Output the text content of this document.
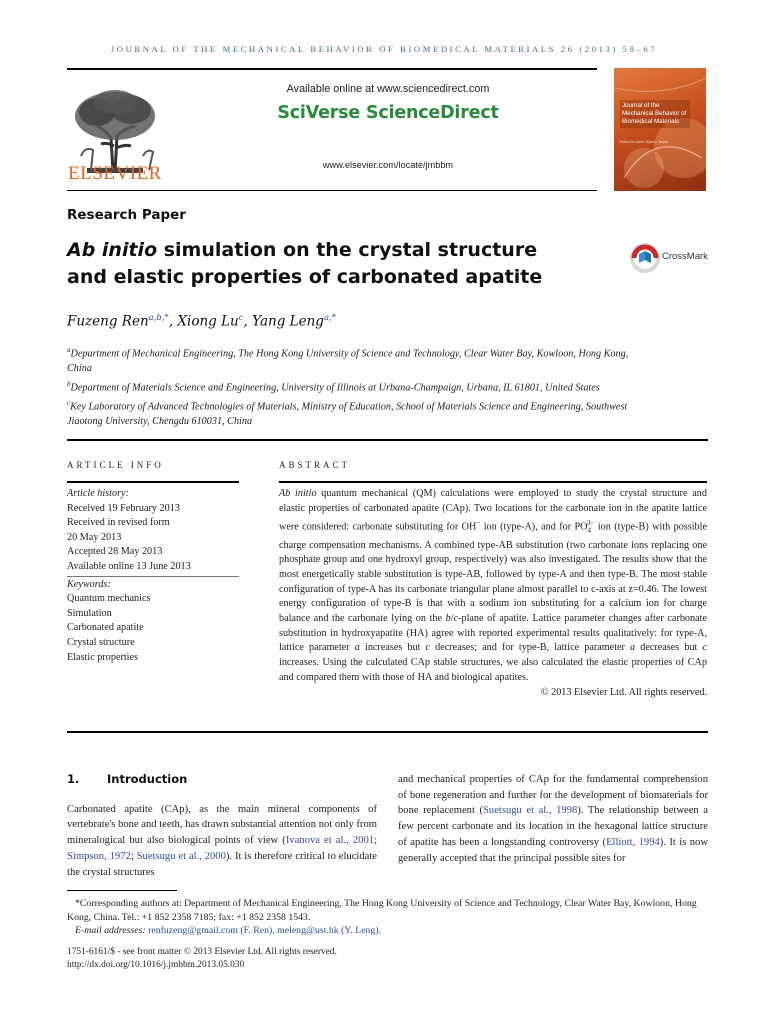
JOURNAL OF THE MECHANICAL BEHAVIOR OF BIOMEDICAL MATERIALS 26 (2013) 59–67
ELSEVIER
Available online at www.sciencedirect.com
SciVerse ScienceDirect
www.elsevier.com/locate/jmbbm
Journal of the Mechanical Behavior of Biomedical Materials
Editor-in-chief: Dyanis Taylor
Research Paper
Ab initio simulation on the crystal structure
and elastic properties of carbonated apatite
CrossMark
Fuzeng Ren$^{a,b,*}$, Xiong Lu$^c$, Yang Leng$^{a,*}$

$^a$Department of Mechanical Engineering, The Hong Kong University of Science and Technology, Clear Water Bay, Kowloon, Hong Kong, China

$^b$Department of Materials Science and Engineering, University of Illinois at Urbana-Champaign, Urbana, IL 61801, United States

$^c$Key Laboratory of Advanced Technologies of Materials, Ministry of Education, School of Materials Science and Engineering, Southwest Jiaotong University, Chengdu 610031, China

ARTICLE INFO	ABSTRACT
Article history:
Received 19 February 2013
Received in revised form
20 May 2013
Accepted 28 May 2013
Available online 13 June 2013
Keywords:
Quantum mechanics
Simulation
Carbonated apatite
Crystal structure
Elastic properties
Ab initio quantum mechanical (QM) calculations were employed to study the crystal structure and elastic properties of carbonated apatite (CAp). Two locations for the carbonate ion in the apatite lattice were considered: carbonate substituting for OH− ion (type-A), and for $PO_4^{3-}$ ion (type-B) with possible charge compensation mechanisms. A combined type-AB substitution (two carbonate ions replacing one phosphate group and one hydroxyl group, respectively) was also investigated. The results show that the most energetically stable substitution is type-AB, followed by type-A and then type-B. The most stable configuration of type-A has its carbonate triangular plane almost parallel to c-axis at z=0.46. The lowest energy configuration of type-B is that with a sodium ion substituting for a calcium ion for charge balance and the carbonate lying on the b/c-plane of apatite. Lattice parameter changes after carbonate substitution in hydroxyapatite (HA) agree with reported experimental results qualitatively: for type-A, lattice parameter a increases but c decreases; and for type-B, lattice parameter a decreases but c increases. Using the calculated CAp stable structures, we also calculated the elastic properties of CAp and compared them with those of HA and biological apatites.
© 2013 Elsevier Ltd. All rights reserved.
1. Introduction
Carbonated apatite (CAp), as the main mineral components of vertebrate's bone and teeth, has drawn substantial attention not only from mineralogical but also biological points of view (Ivanova et al., 2001; Simpson, 1972; Suetsugu et al., 2000). It is therefore critical to elucidate the crystal structures
and mechanical properties of CAp for the fundamental comprehension of bone regeneration and further for the development of biomaterials for bone replacement (Suetsugu et al., 1998). The relationship between a few percent carbonate and its location in the hexagonal lattice structure of apatite has been a longstanding controversy (Elliott, 1994). It is now generally accepted that the principal possible sites for
*Corresponding authors at: Department of Mechanical Engineering, The Hong Kong University of Science and Technology, Clear Water Bay, Kowloon, Hong Kong, China. Tel.: +1 852 2358 7185; fax: +1 852 2358 1543.
E-mail addresses: renfuzeng@gmail.com (F. Ren), meleng@ust.hk (Y. Leng).
1751-6161/$ - see front matter © 2013 Elsevier Ltd. All rights reserved.
http://dx.doi.org/10.1016/j.jmbbm.2013.05.030
